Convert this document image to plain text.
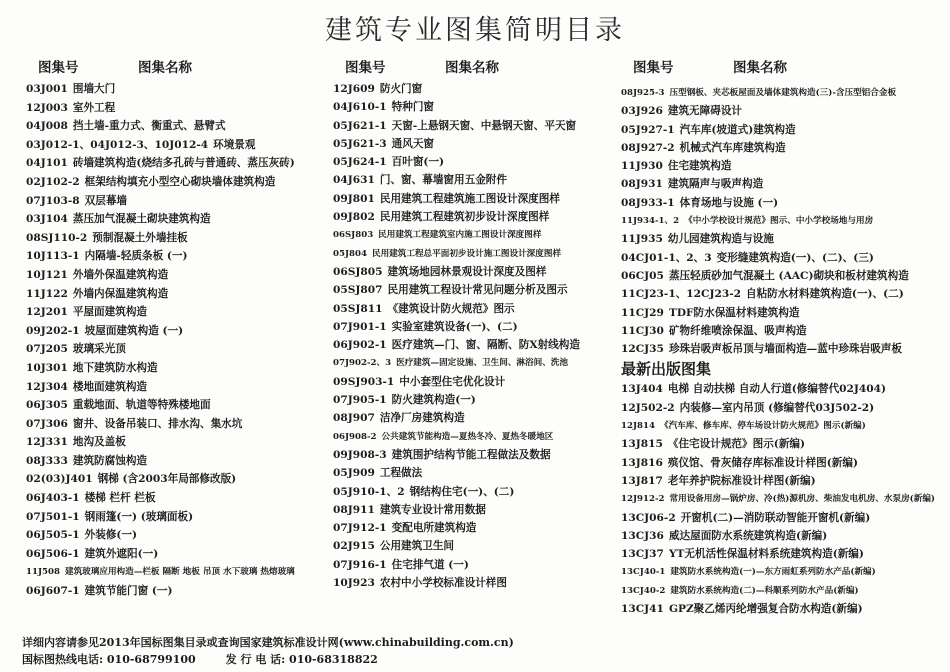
建筑专业图集简明目录
图集号	图集名称
03J001 围墙大门
12J003 室外工程
04J008 挡土墙-重力式、衡重式、悬臂式
03J012-1、04J012-3、10J012-4 环境景观
04J101 砖墙建筑构造(烧结多孔砖与普通砖、蒸压灰砖)
02J102-2 框架结构填充小型空心砌块墙体建筑构造
07J103-8 双层幕墙
03J104 蒸压加气混凝土砌块建筑构造
08SJ110-2 预制混凝土外墙挂板
10J113-1 内隔墙-轻质条板 (一)
10J121 外墙外保温建筑构造
11J122 外墙内保温建筑构造
12J201 平屋面建筑构造
09J202-1 坡屋面建筑构造 (一)
07J205 玻璃采光顶
10J301 地下建筑防水构造
12J304 楼地面建筑构造
06J305 重载地面、轨道等特殊楼地面
07J306 窗井、设备吊装口、排水沟、集水坑
12J331 地沟及盖板
08J333 建筑防腐蚀构造
02(03)J401 钢梯 (含2003年局部修改版)
06J403-1 楼梯 栏杆 栏板
07J501-1 钢雨篷(一) (玻璃面板)
06J505-1 外装修(一)
06J506-1 建筑外遮阳(一)
11J508 建筑玻璃应用构造—栏板 隔断 地板 吊顶 水下玻璃 热熔玻璃
06J607-1 建筑节能门窗 (一)
图集号	图集名称
12J609 防火门窗
04J610-1 特种门窗
05J621-1 天窗-上悬钢天窗、中悬钢天窗、平天窗
05J621-3 通风天窗
05J624-1 百叶窗(一)
04J631 门、窗、幕墙窗用五金附件
09J801 民用建筑工程建筑施工图设计深度图样
09J802 民用建筑工程建筑初步设计深度图样
06SJ803 民用建筑工程建筑室内施工图设计深度图样
05J804 民用建筑工程总平面初步设计施工图设计深度图样
06SJ805 建筑场地园林景观设计深度及图样
05SJ807 民用建筑工程设计常见问题分析及图示
05SJ811 《建筑设计防火规范》图示
07J901-1 实验室建筑设备(一)、(二)
06J902-1 医疗建筑—门、窗、隔断、防X射线构造
07J902-2、3 医疗建筑—固定设施、卫生间、淋浴间、洗池
09SJ903-1 中小套型住宅优化设计
07J905-1 防火建筑构造(一)
08J907 洁净厂房建筑构造
06J908-2 公共建筑节能构造—夏热冬冷、夏热冬暖地区
09J908-3 建筑围护结构节能工程做法及数据
05J909 工程做法
05J910-1、2 钢结构住宅(一)、(二)
08J911 建筑专业设计常用数据
07J912-1 变配电所建筑构造
02J915 公用建筑卫生间
07J916-1 住宅排气道 (一)
10J923 农村中小学校标准设计样图
图集号	图集名称
08J925-3 压型钢板、夹芯板屋面及墙体建筑构造(三)-含压型铝合金板
03J926 建筑无障碍设计
05J927-1 汽车库(坡道式)建筑构造
08J927-2 机械式汽车库建筑构造
11J930 住宅建筑构造
08J931 建筑隔声与吸声构造
08J933-1 体育场地与设施 (一)
11J934-1、2 《中小学校设计规范》图示、中小学校场地与用房
11J935 幼儿园建筑构造与设施
04CJ01-1、2、3 变形缝建筑构造(一)、(二)、(三)
06CJ05 蒸压轻质砂加气混凝土 (AAC)砌块和板材建筑构造
11CJ23-1、12CJ23-2 自粘防水材料建筑构造(一)、(二)
11CJ29 TDF防水保温材料建筑构造
11CJ30 矿物纤维喷涂保温、吸声构造
12CJ35 珍珠岩吸声板吊顶与墙面构造—蓝中珍珠岩吸声板
最新出版图集
13J404 电梯 自动扶梯 自动人行道(修编替代02J404)
12J502-2 内装修—室内吊顶 (修编替代03J502-2)
12J814 《汽车库、修车库、停车场设计防火规范》图示(新编)
13J815 《住宅设计规范》图示(新编)
13J816 殡仪馆、骨灰储存库标准设计样图(新编)
13J817 老年养护院标准设计样图(新编)
12J912-2 常用设备用房—锅炉房、冷(热)源机房、柴油发电机房、水泵房(新编)
13CJ06-2 开窗机(二)—消防联动智能开窗机(新编)
13CJ36 威达屋面防水系统建筑构造(新编)
13CJ37 YT无机活性保温材料系统建筑构造(新编)
13CJ40-1 建筑防水系统构造(一)—东方雨虹系列防水产品(新编)
13CJ40-2 建筑防水系统构造(二)—科顺系列防水产品(新编)
13CJ41 GPZ聚乙烯丙纶增强复合防水构造(新编)
详细内容请参见2013年国标图集目录或查询国家建筑标准设计网(www.chinabuilding.com.cn)
国标图热线电话: 010-68799100	发 行 电 话: 010-68318822
